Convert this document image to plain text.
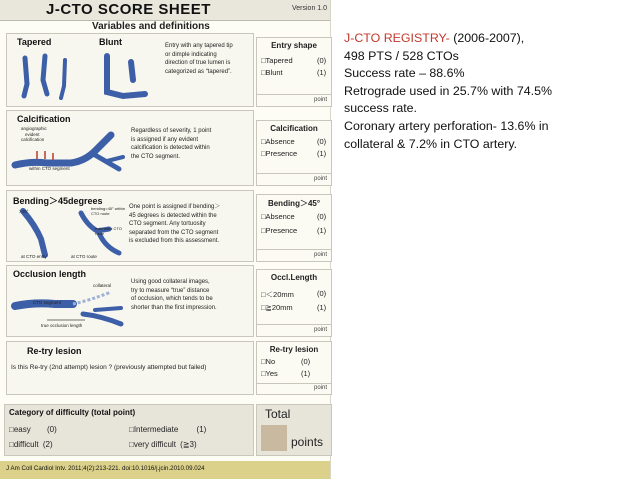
J-CTO SCORE SHEET	Version 1.0
Variables and definitions
Tapered	Blunt	Entry with any tapered tip
or dimple indicating
direction of true lumen is
categorized as “tapered”.
Entry shape
□Tapered	(0)
□Blunt	(1)
point
Calcification
angiographic
evident
calcification
within CTO segment
Regardless of severity, 1 point
is assigned if any evident
calcification is detected within
the CTO segment.
Calcification
□Absence	(0)
□Presence	(1)
point
Bending＞45degrees
>45°
bending>45° within CTO route
estimated CTO route
at CTO entry	at CTO route
One point is assigned if bending＞
45 degrees is detected within the
CTO segment. Any tortuosity
separated from the CTO segment
is excluded from this assessment.
Bending＞45°
□Absence	(0)
□Presence	(1)
point
Occlusion length
collateral
CTO segment
true occlusion length
Using good collateral images,
try to measure “true” distance
of occlusion, which tends to be
shorter than the first impression.
Occl.Length
□＜20mm	(0)
□≧20mm	(1)
point
Re-try lesion
Is this Re-try (2nd attempt) lesion ? (previously attempted but failed)
Re-try lesion
□No	(0)
□Yes	(1)
point
Category of difficulty (total point)
□easy (0)	□Intermediate (1)
□difficult (2)	□very difficult (≧3)
Total
points
J Am Coll Cardiol Intv. 2011;4(2):213-221. doi:10.1016/j.jcin.2010.09.024
J-CTO REGISTRY- (2006-2007),
498 PTS / 528 CTOs
Success rate – 88.6%
Retrograde used in 25.7% with 74.5%
success rate.
Coronary artery perforation- 13.6% in
collateral & 7.2% in CTO artery.
